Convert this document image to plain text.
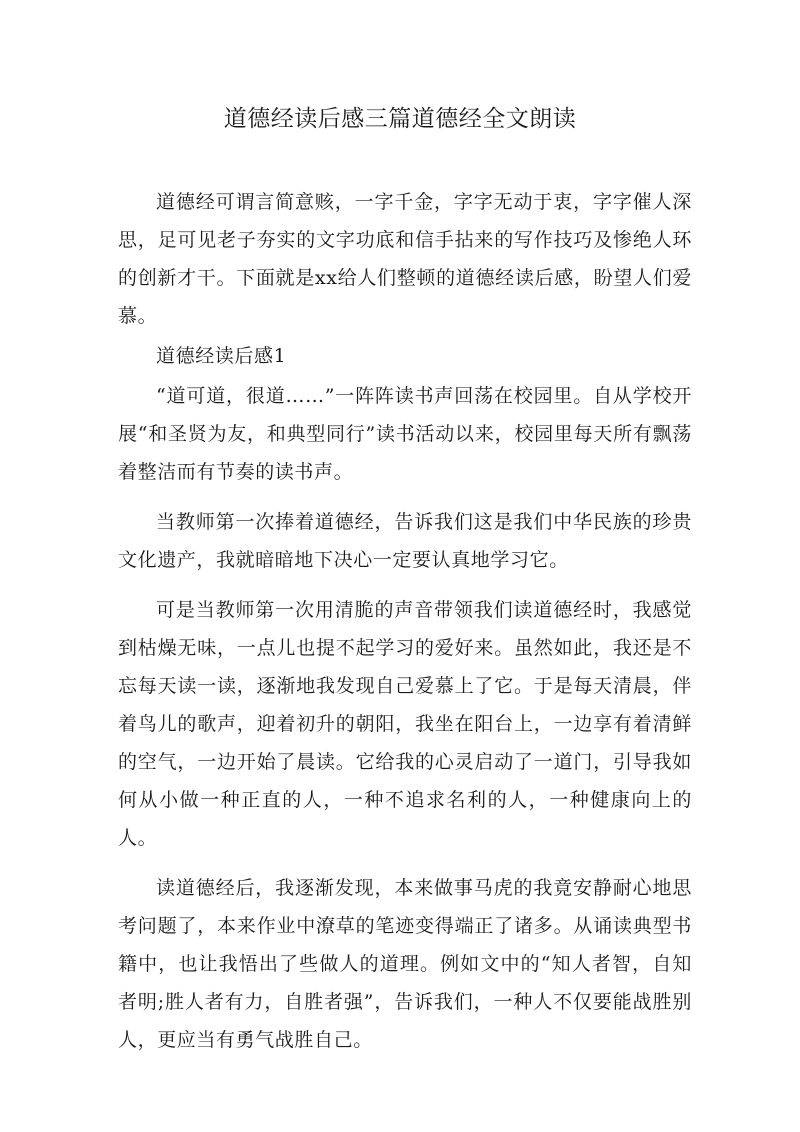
道德经读后感三篇道德经全文朗读

道德经可谓言简意赅，一字千金，字字无动于衷，字字催人深思，足可见老子夯实的文字功底和信手拈来的写作技巧及惨绝人环的创新才干。下面就是xx给人们整顿的道德经读后感，盼望人们爱慕。

道德经读后感1

“道可道，很道……”一阵阵读书声回荡在校园里。自从学校开展“和圣贤为友，和典型同行”读书活动以来，校园里每天所有飘荡着整洁而有节奏的读书声。

当教师第一次捧着道德经，告诉我们这是我们中华民族的珍贵文化遗产，我就暗暗地下决心一定要认真地学习它。

可是当教师第一次用清脆的声音带领我们读道德经时，我感觉到枯燥无味，一点儿也提不起学习的爱好来。虽然如此，我还是不忘每天读一读，逐渐地我发现自己爱慕上了它。于是每天清晨，伴着鸟儿的歌声，迎着初升的朝阳，我坐在阳台上，一边享有着清鲜的空气，一边开始了晨读。它给我的心灵启动了一道门，引导我如何从小做一种正直的人，一种不追求名利的人，一种健康向上的人。

读道德经后，我逐渐发现，本来做事马虎的我竟安静耐心地思考问题了，本来作业中潦草的笔迹变得端正了诸多。从诵读典型书籍中，也让我悟出了些做人的道理。例如文中的“知人者智，自知者明;胜人者有力，自胜者强”，告诉我们，一种人不仅要能战胜别人，更应当有勇气战胜自己。
